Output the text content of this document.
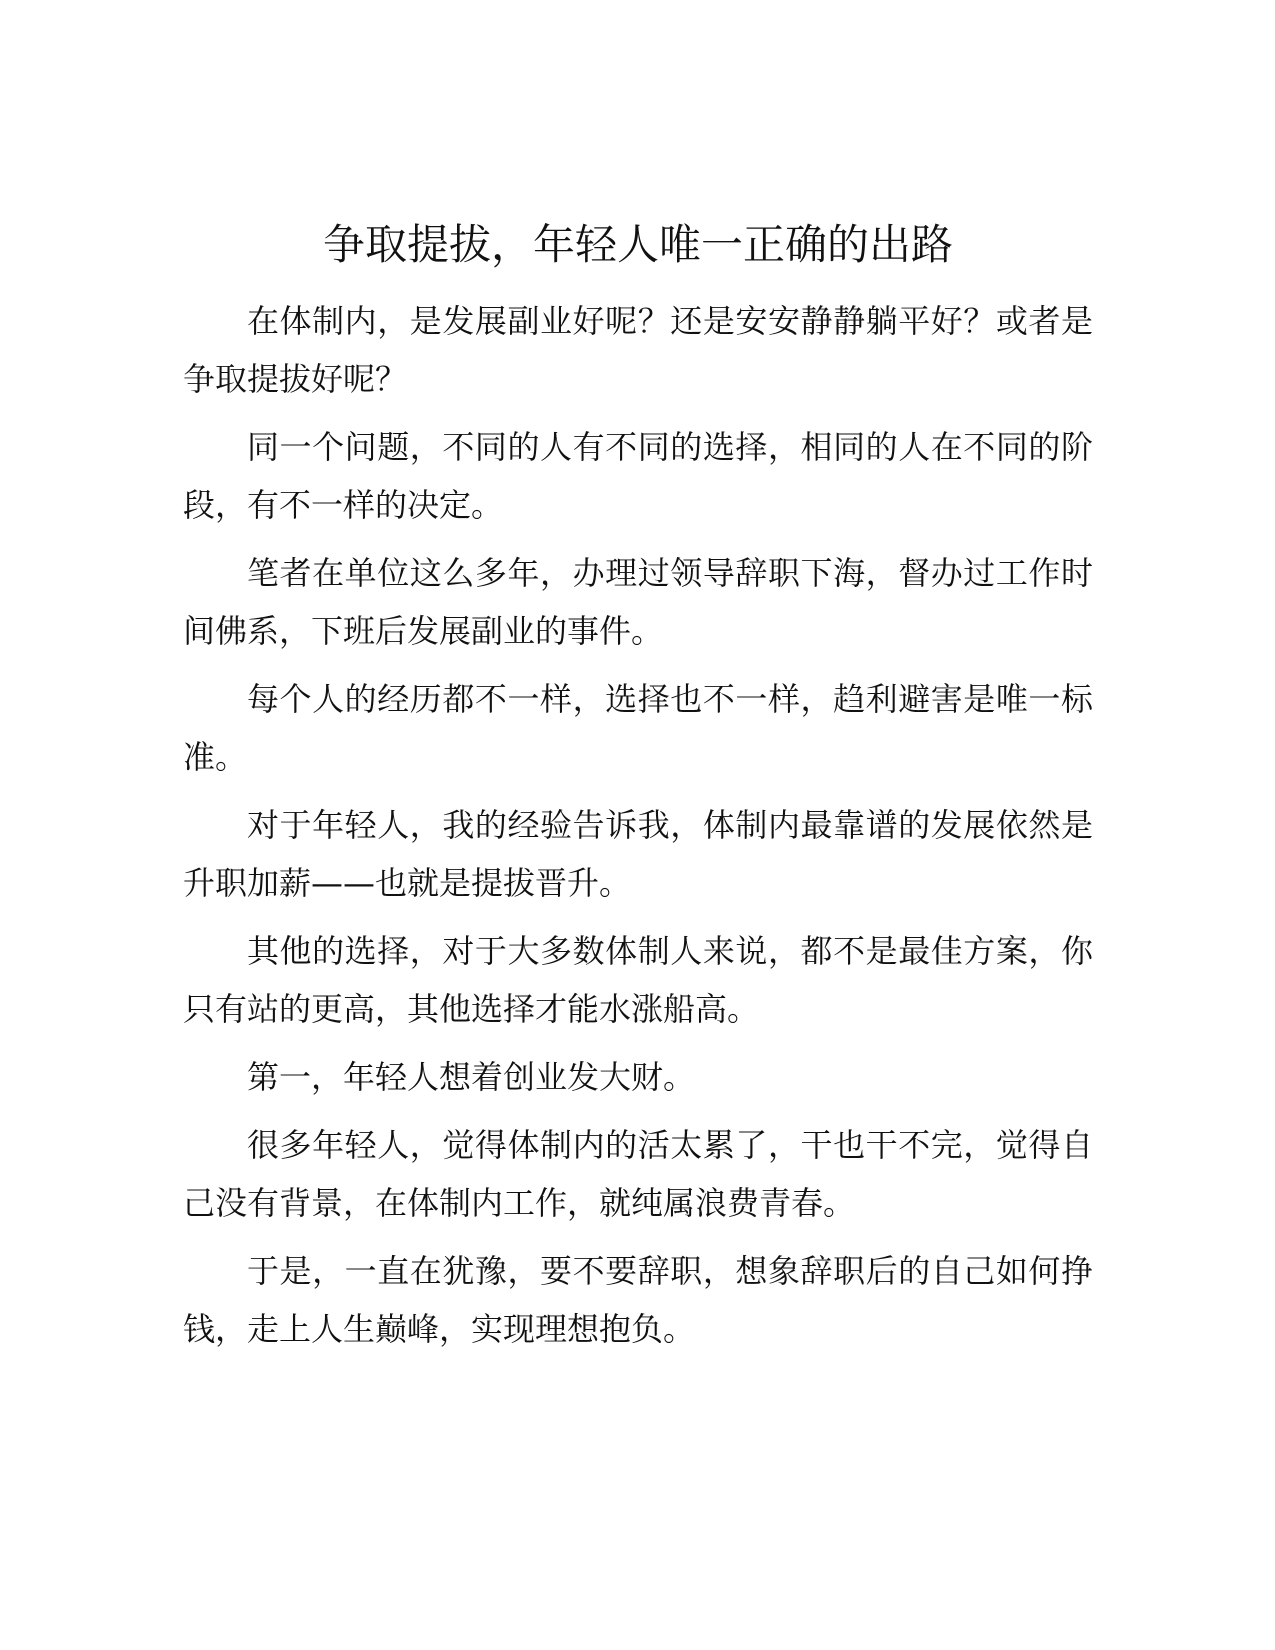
争取提拔，年轻人唯一正确的出路

在体制内，是发展副业好呢？还是安安静静躺平好？或者是争取提拔好呢？

同一个问题，不同的人有不同的选择，相同的人在不同的阶段，有不一样的决定。

笔者在单位这么多年，办理过领导辞职下海，督办过工作时间佛系，下班后发展副业的事件。

每个人的经历都不一样，选择也不一样，趋利避害是唯一标准。

对于年轻人，我的经验告诉我，体制内最靠谱的发展依然是升职加薪——也就是提拔晋升。

其他的选择，对于大多数体制人来说，都不是最佳方案，你只有站的更高，其他选择才能水涨船高。

第一，年轻人想着创业发大财。

很多年轻人，觉得体制内的活太累了，干也干不完，觉得自己没有背景，在体制内工作，就纯属浪费青春。

于是，一直在犹豫，要不要辞职，想象辞职后的自己如何挣钱，走上人生巅峰，实现理想抱负。
